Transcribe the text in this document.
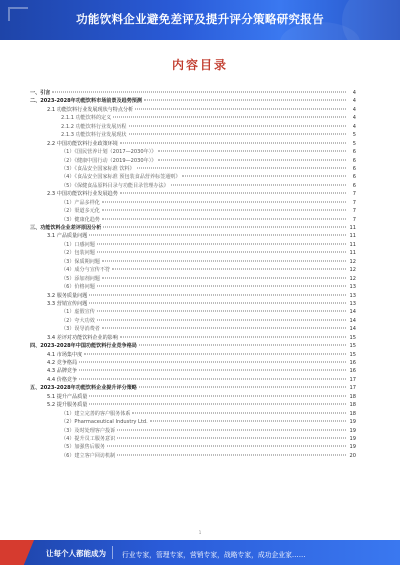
功能饮料企业避免差评及提升评分策略研究报告
内容目录
一、引言	4
二、2023-2028年功能饮料市场前景及趋势预测	4
2.1 功能饮料行业发展现状与特点分析	4
2.1.1 功能饮料的定义	4
2.1.2 功能饮料行业发展历程	4
2.1.3 功能饮料行业发展现状	5
2.2 中国功能饮料行业政策环境	5
（1）《国民营养计划（2017—2030年）》	6
（2）《健康中国行动（2019—2030年）》	6
（3）《食品安全国家标准 饮料》	6
（4）《食品安全国家标准 预包装食品营养标签通则》	6
（5）《保健食品原料目录与功能目录管理办法》	6
2.3 中国功能饮料行业发展趋势	7
（1）产品多样化	7
（2）渠道多元化	7
（3）健康化趋势	7
三、功能饮料企业差评原因分析	11
3.1 产品质量问题	11
（1）口感问题	11
（2）包装问题	11
（3）保质期问题	12
（4）成分与宣传不符	12
（5）添加剂问题	12
（6）价格问题	13
3.2 服务质量问题	13
3.3 营销宣传问题	13
（1）虚假宣传	14
（2）夸大功效	14
（3）误导消费者	14
3.4 差评对功能饮料企业的影响	15
四、2023-2028年中国功能饮料行业竞争格局	15
4.1 市场集中度	15
4.2 竞争格局	16
4.3 品牌竞争	16
4.4 价格竞争	17
五、2023-2028年功能饮料企业提升评分策略	17
5.1 提升产品质量	18
5.2 提升服务质量	18
（1）建立完善的客户服务体系	18
（2）Pharmaceutical Industry Ltd.	19
（3）及时处理客户投诉	19
（4）提升员工服务意识	19
（5）加强售后服务	19
（6）建立客户回访机制	20
1
让每个人都能成为 行业专家，管理专家，营销专家，战略专家，成功企业家……
